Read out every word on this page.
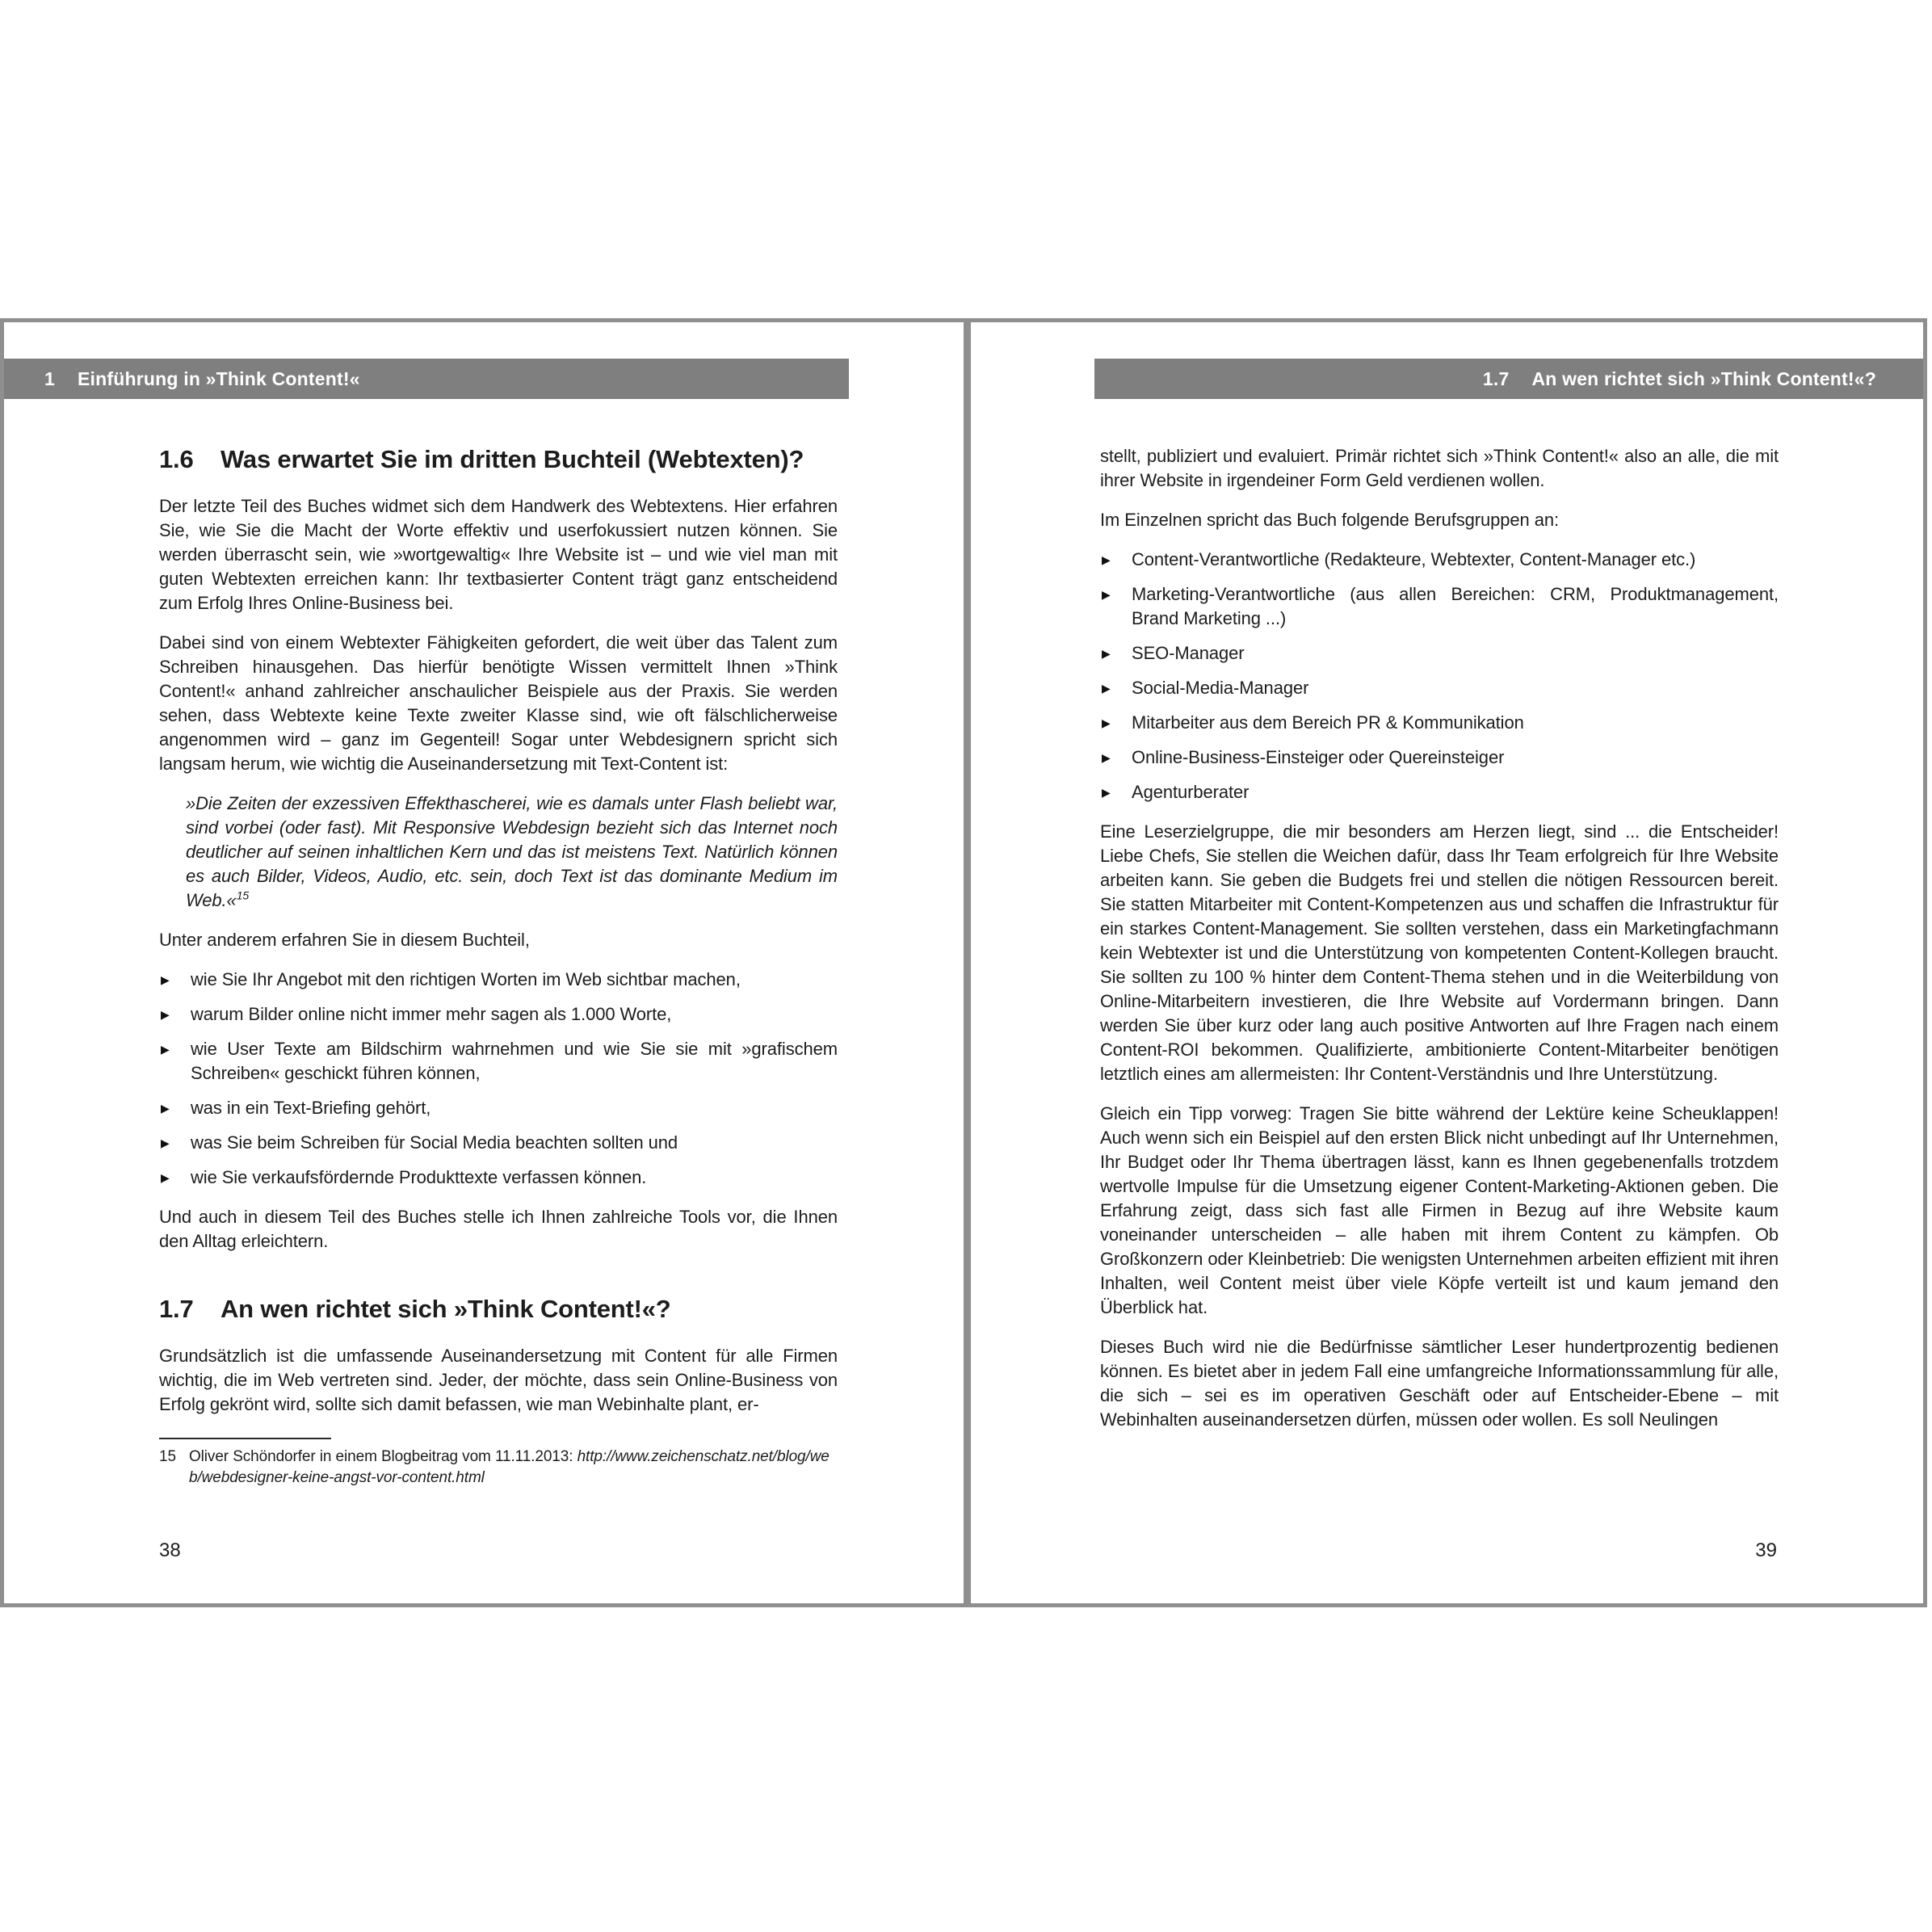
1 Einführung in »Think Content!«	1.7 An wen richtet sich »Think Content!«?
1.6	Was erwartet Sie im dritten Buchteil (Webtexten)?

Der letzte Teil des Buches widmet sich dem Handwerk des Webtextens. Hier erfahren Sie, wie Sie die Macht der Worte effektiv und userfokussiert nutzen können. Sie werden überrascht sein, wie »wortgewaltig« Ihre Website ist – und wie viel man mit guten Webtexten erreichen kann: Ihr textbasierter Content trägt ganz entscheidend zum Erfolg Ihres Online-Business bei.

Dabei sind von einem Webtexter Fähigkeiten gefordert, die weit über das Talent zum Schreiben hinausgehen. Das hierfür benötigte Wissen vermittelt Ihnen »Think Content!« anhand zahlreicher anschaulicher Beispiele aus der Praxis. Sie werden sehen, dass Webtexte keine Texte zweiter Klasse sind, wie oft fälschlicherweise angenommen wird – ganz im Gegenteil! Sogar unter Webdesignern spricht sich langsam herum, wie wichtig die Auseinandersetzung mit Text-Content ist:

»Die Zeiten der exzessiven Effekthascherei, wie es damals unter Flash beliebt war, sind vorbei (oder fast). Mit Responsive Webdesign bezieht sich das Internet noch deutlicher auf seinen inhaltlichen Kern und das ist meistens Text. Natürlich können es auch Bilder, Videos, Audio, etc. sein, doch Text ist das dominante Medium im Web.«$^{15}$

Unter anderem erfahren Sie in diesem Buchteil,

▶ wie Sie Ihr Angebot mit den richtigen Worten im Web sichtbar machen,
▶ warum Bilder online nicht immer mehr sagen als 1.000 Worte,
▶ wie User Texte am Bildschirm wahrnehmen und wie Sie sie mit »grafischem Schreiben« geschickt führen können,
▶ was in ein Text-Briefing gehört,
▶ was Sie beim Schreiben für Social Media beachten sollten und
▶ wie Sie verkaufsfördernde Produkttexte verfassen können.

Und auch in diesem Teil des Buches stelle ich Ihnen zahlreiche Tools vor, die Ihnen den Alltag erleichtern.

1.7	An wen richtet sich »Think Content!«?

Grundsätzlich ist die umfassende Auseinandersetzung mit Content für alle Firmen wichtig, die im Web vertreten sind. Jeder, der möchte, dass sein Online-Business von Erfolg gekrönt wird, sollte sich damit befassen, wie man Webinhalte plant, er-

15 Oliver Schöndorfer in einem Blogbeitrag vom 11.11.2013: http://www.zeichenschatz.net/blog/web/webdesigner-keine-angst-vor-content.html

stellt, publiziert und evaluiert. Primär richtet sich »Think Content!« also an alle, die mit ihrer Website in irgendeiner Form Geld verdienen wollen.

Im Einzelnen spricht das Buch folgende Berufsgruppen an:

▶ Content-Verantwortliche (Redakteure, Webtexter, Content-Manager etc.)
▶ Marketing-Verantwortliche (aus allen Bereichen: CRM, Produktmanagement, Brand Marketing ...)
▶ SEO-Manager
▶ Social-Media-Manager
▶ Mitarbeiter aus dem Bereich PR & Kommunikation
▶ Online-Business-Einsteiger oder Quereinsteiger
▶ Agenturberater

Eine Leserzielgruppe, die mir besonders am Herzen liegt, sind ... die Entscheider! Liebe Chefs, Sie stellen die Weichen dafür, dass Ihr Team erfolgreich für Ihre Website arbeiten kann. Sie geben die Budgets frei und stellen die nötigen Ressourcen bereit. Sie statten Mitarbeiter mit Content-Kompetenzen aus und schaffen die Infrastruktur für ein starkes Content-Management. Sie sollten verstehen, dass ein Marketingfachmann kein Webtexter ist und die Unterstützung von kompetenten Content-Kollegen braucht. Sie sollten zu 100 % hinter dem Content-Thema stehen und in die Weiterbildung von Online-Mitarbeitern investieren, die Ihre Website auf Vordermann bringen. Dann werden Sie über kurz oder lang auch positive Antworten auf Ihre Fragen nach einem Content-ROI bekommen. Qualifizierte, ambitionierte Content-Mitarbeiter benötigen letztlich eines am allermeisten: Ihr Content-Verständnis und Ihre Unterstützung.

Gleich ein Tipp vorweg: Tragen Sie bitte während der Lektüre keine Scheuklappen! Auch wenn sich ein Beispiel auf den ersten Blick nicht unbedingt auf Ihr Unternehmen, Ihr Budget oder Ihr Thema übertragen lässt, kann es Ihnen gegebenenfalls trotzdem wertvolle Impulse für die Umsetzung eigener Content-Marketing-Aktionen geben. Die Erfahrung zeigt, dass sich fast alle Firmen in Bezug auf ihre Website kaum voneinander unterscheiden – alle haben mit ihrem Content zu kämpfen. Ob Großkonzern oder Kleinbetrieb: Die wenigsten Unternehmen arbeiten effizient mit ihren Inhalten, weil Content meist über viele Köpfe verteilt ist und kaum jemand den Überblick hat.

Dieses Buch wird nie die Bedürfnisse sämtlicher Leser hundertprozentig bedienen können. Es bietet aber in jedem Fall eine umfangreiche Informationssammlung für alle, die sich – sei es im operativen Geschäft oder auf Entscheider-Ebene – mit Webinhalten auseinandersetzen dürfen, müssen oder wollen. Es soll Neulingen

38	39
